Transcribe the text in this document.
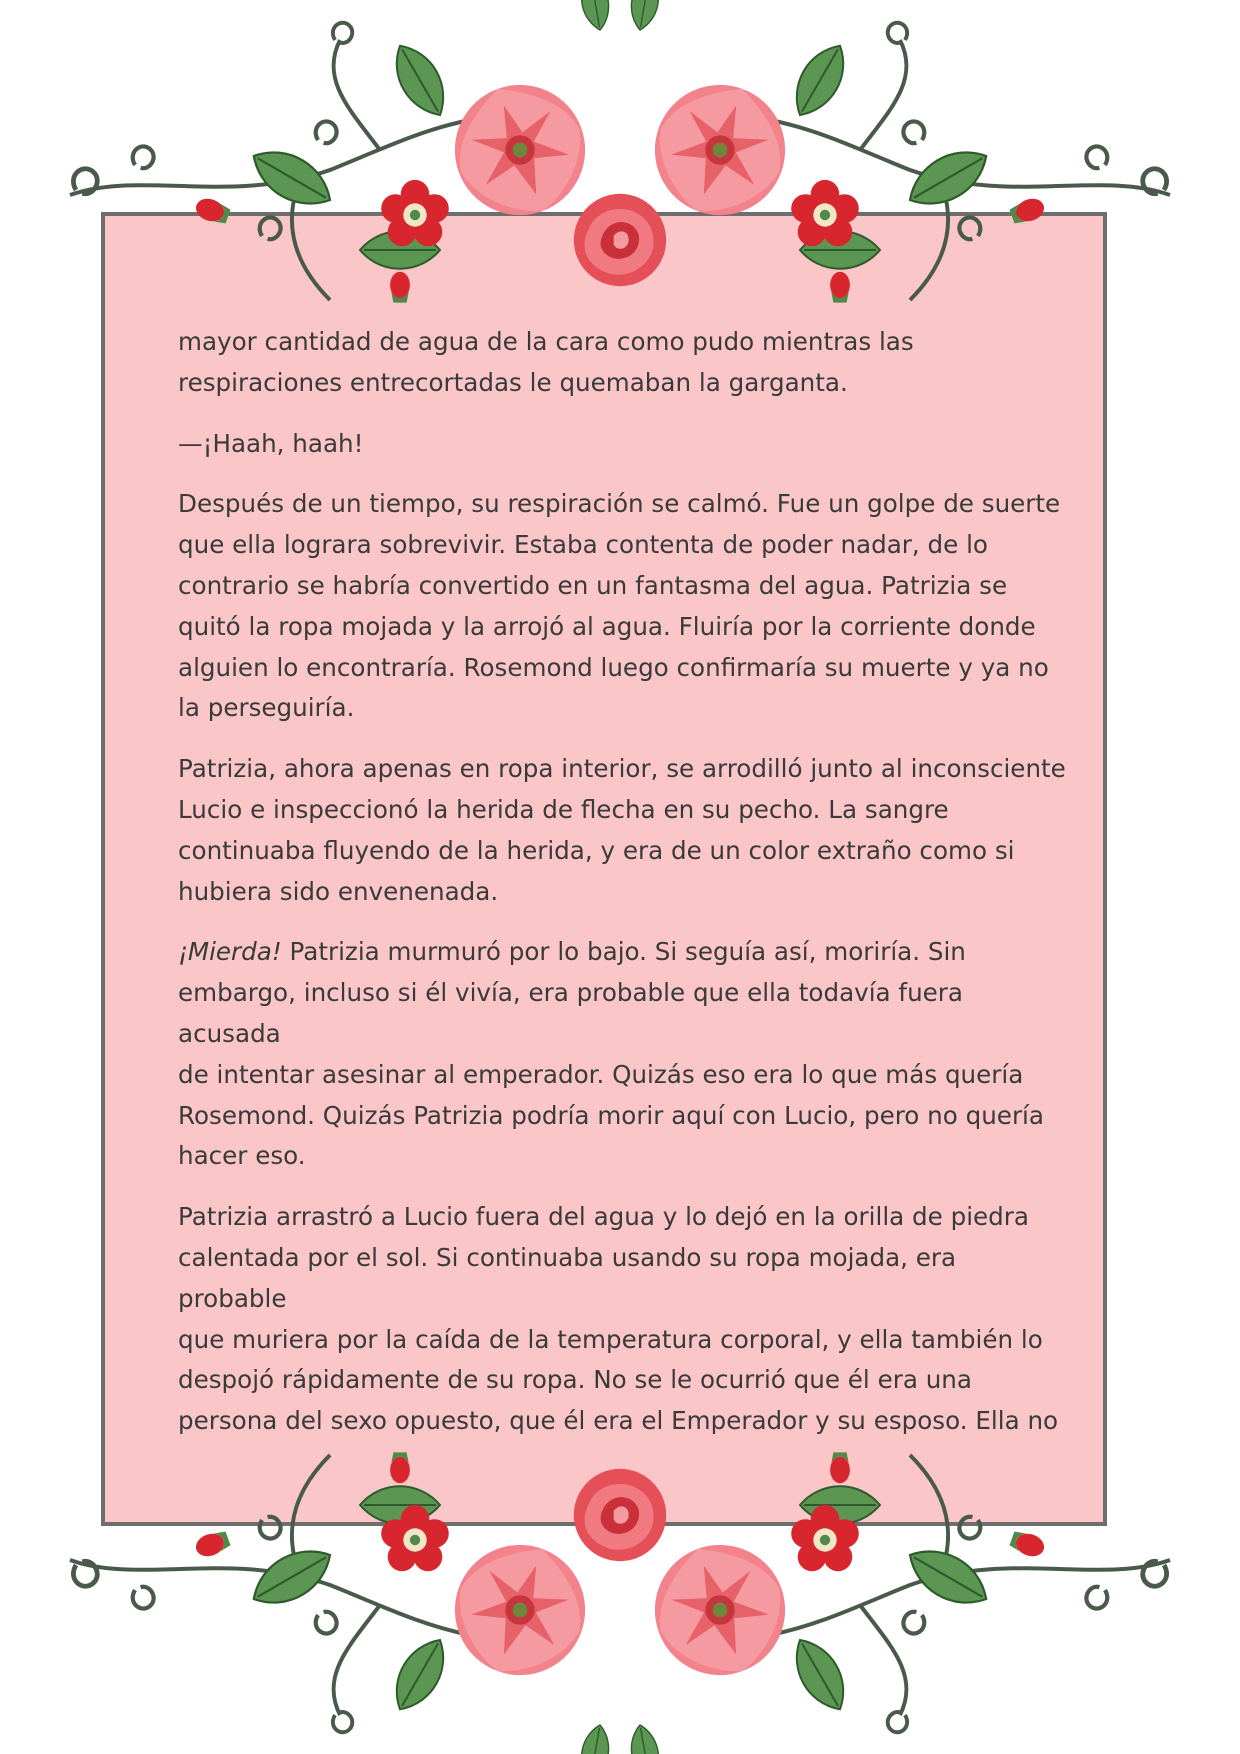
mayor cantidad de agua de la cara como pudo mientras las
respiraciones entrecortadas le quemaban la garganta.

—¡Haah, haah!

Después de un tiempo, su respiración se calmó. Fue un golpe de suerte
que ella lograra sobrevivir. Estaba contenta de poder nadar, de lo
contrario se habría convertido en un fantasma del agua. Patrizia se
quitó la ropa mojada y la arrojó al agua. Fluiría por la corriente donde
alguien lo encontraría. Rosemond luego confirmaría su muerte y ya no
la perseguiría.

Patrizia, ahora apenas en ropa interior, se arrodilló junto al inconsciente
Lucio e inspeccionó la herida de flecha en su pecho. La sangre
continuaba fluyendo de la herida, y era de un color extraño como si
hubiera sido envenenada.

¡Mierda! Patrizia murmuró por lo bajo. Si seguía así, moriría. Sin
embargo, incluso si él vivía, era probable que ella todavía fuera acusada
de intentar asesinar al emperador. Quizás eso era lo que más quería
Rosemond. Quizás Patrizia podría morir aquí con Lucio, pero no quería
hacer eso.

Patrizia arrastró a Lucio fuera del agua y lo dejó en la orilla de piedra
calentada por el sol. Si continuaba usando su ropa mojada, era probable
que muriera por la caída de la temperatura corporal, y ella también lo
despojó rápidamente de su ropa. No se le ocurrió que él era una
persona del sexo opuesto, que él era el Emperador y su esposo. Ella no
